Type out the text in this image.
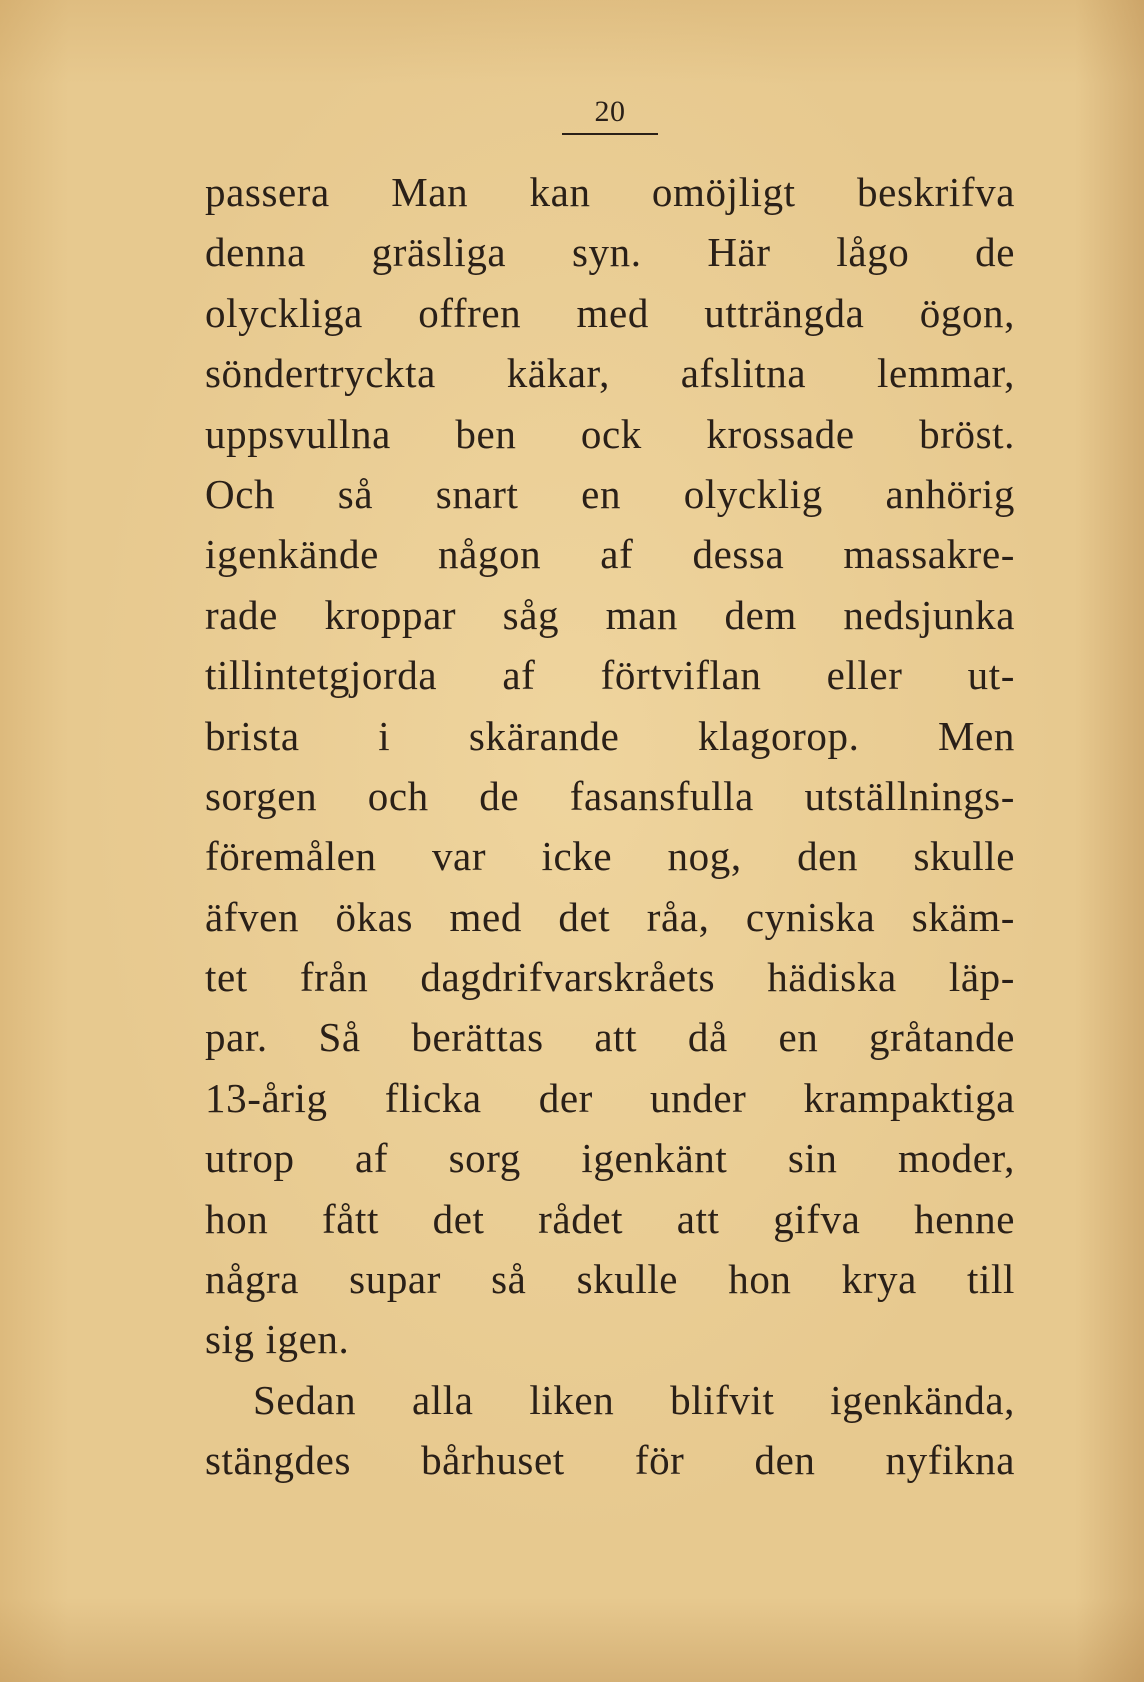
20
passera Man kan omöjligt beskrifva
denna gräsliga syn. Här lågo de
olyckliga offren med utträngda ögon,
söndertryckta käkar, afslitna lemmar,
uppsvullna ben ock krossade bröst.
Och så snart en olycklig anhörig
igenkände någon af dessa massakre-
rade kroppar såg man dem nedsjunka
tillintetgjorda af förtviflan eller ut-
brista i skärande klagorop. Men
sorgen och de fasansfulla utställnings-
föremålen var icke nog, den skulle
äfven ökas med det råa, cyniska skäm-
tet från dagdrifvarskråets hädiska läp-
par. Så berättas att då en gråtande
13-årig flicka der under krampaktiga
utrop af sorg igenkänt sin moder,
hon fått det rådet att gifva henne
några supar så skulle hon krya till
sig igen.
Sedan alla liken blifvit igenkända,
stängdes bårhuset för den nyfikna
